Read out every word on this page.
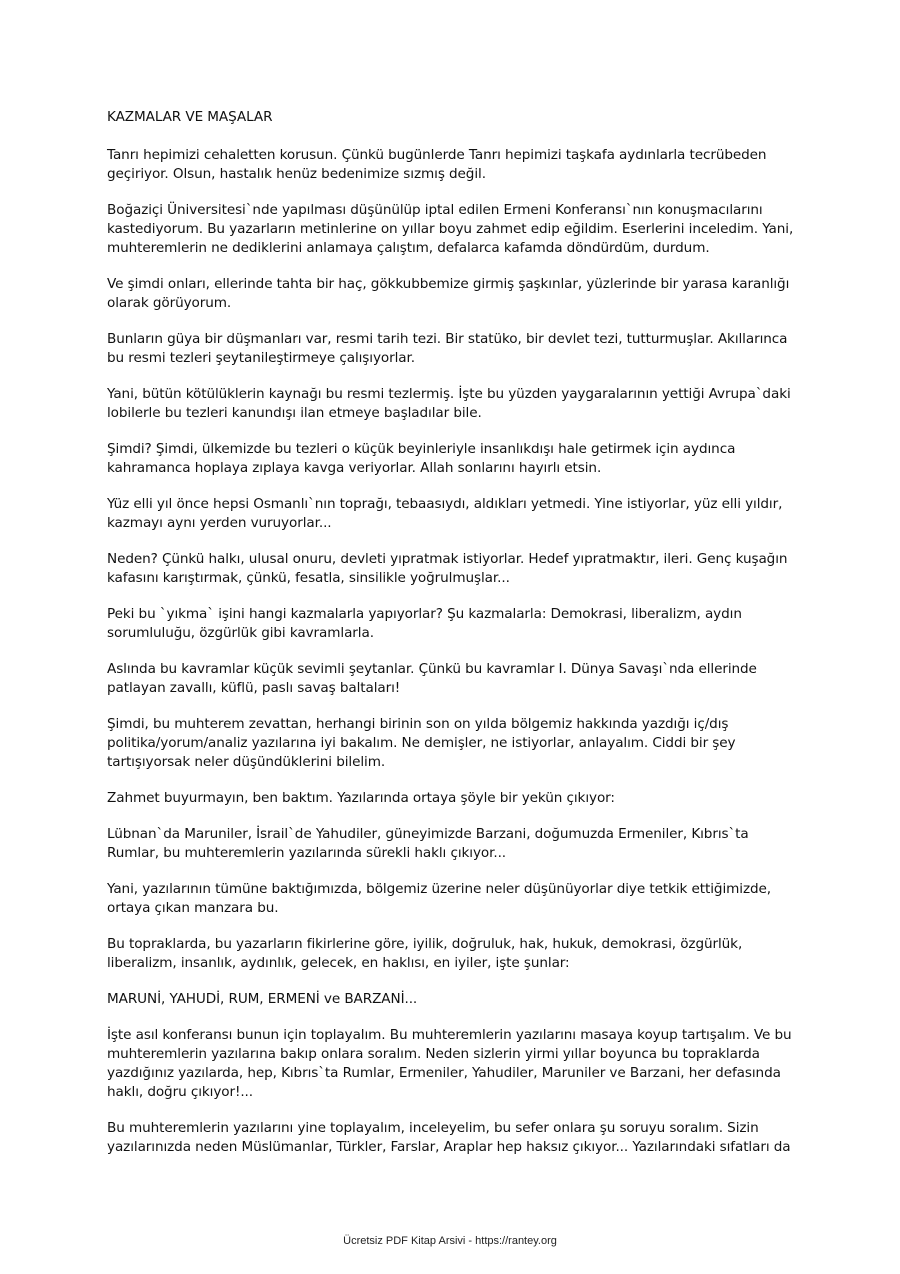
KAZMALAR VE MAŞALAR

Tanrı hepimizi cehaletten korusun. Çünkü bugünlerde Tanrı hepimizi taşkafa aydınlarla tecrübeden geçiriyor. Olsun, hastalık henüz bedenimize sızmış değil.

Boğaziçi Üniversitesi`nde yapılması düşünülüp iptal edilen Ermeni Konferansı`nın konuşmacılarını kastediyorum. Bu yazarların metinlerine on yıllar boyu zahmet edip eğildim. Eserlerini inceledim. Yani, muhteremlerin ne dediklerini anlamaya çalıştım, defalarca kafamda döndürdüm, durdum.

Ve şimdi onları, ellerinde tahta bir haç, gökkubbemize girmiş şaşkınlar, yüzlerinde bir yarasa karanlığı olarak görüyorum.

Bunların güya bir düşmanları var, resmi tarih tezi. Bir statüko, bir devlet tezi, tutturmuşlar. Akıllarınca bu resmi tezleri şeytanileştirmeye çalışıyorlar.

Yani, bütün kötülüklerin kaynağı bu resmi tezlermiş. İşte bu yüzden yaygaralarının yettiği Avrupa`daki lobilerle bu tezleri kanundışı ilan etmeye başladılar bile.

Şimdi? Şimdi, ülkemizde bu tezleri o küçük beyinleriyle insanlıkdışı hale getirmek için aydınca kahramanca hoplaya zıplaya kavga veriyorlar. Allah sonlarını hayırlı etsin.

Yüz elli yıl önce hepsi Osmanlı`nın toprağı, tebaasıydı, aldıkları yetmedi. Yine istiyorlar, yüz elli yıldır, kazmayı aynı yerden vuruyorlar...

Neden? Çünkü halkı, ulusal onuru, devleti yıpratmak istiyorlar. Hedef yıpratmaktır, ileri. Genç kuşağın kafasını karıştırmak, çünkü, fesatla, sinsilikle yoğrulmuşlar...

Peki bu `yıkma` işini hangi kazmalarla yapıyorlar? Şu kazmalarla: Demokrasi, liberalizm, aydın sorumluluğu, özgürlük gibi kavramlarla.

Aslında bu kavramlar küçük sevimli şeytanlar. Çünkü bu kavramlar I. Dünya Savaşı`nda ellerinde patlayan zavallı, küflü, paslı savaş baltaları!

Şimdi, bu muhterem zevattan, herhangi birinin son on yılda bölgemiz hakkında yazdığı iç/dış politika/yorum/analiz yazılarına iyi bakalım. Ne demişler, ne istiyorlar, anlayalım. Ciddi bir şey tartışıyorsak neler düşündüklerini bilelim.

Zahmet buyurmayın, ben baktım. Yazılarında ortaya şöyle bir yekün çıkıyor:

Lübnan`da Maruniler, İsrail`de Yahudiler, güneyimizde Barzani, doğumuzda Ermeniler, Kıbrıs`ta Rumlar, bu muhteremlerin yazılarında sürekli haklı çıkıyor...

Yani, yazılarının tümüne baktığımızda, bölgemiz üzerine neler düşünüyorlar diye tetkik ettiğimizde, ortaya çıkan manzara bu.

Bu topraklarda, bu yazarların fikirlerine göre, iyilik, doğruluk, hak, hukuk, demokrasi, özgürlük, liberalizm, insanlık, aydınlık, gelecek, en haklısı, en iyiler, işte şunlar:

MARUNİ, YAHUDİ, RUM, ERMENİ ve BARZANİ...

İşte asıl konferansı bunun için toplayalım. Bu muhteremlerin yazılarını masaya koyup tartışalım. Ve bu muhteremlerin yazılarına bakıp onlara soralım. Neden sizlerin yirmi yıllar boyunca bu topraklarda yazdığınız yazılarda, hep, Kıbrıs`ta Rumlar, Ermeniler, Yahudiler, Maruniler ve Barzani, her defasında haklı, doğru çıkıyor!...

Bu muhteremlerin yazılarını yine toplayalım, inceleyelim, bu sefer onlara şu soruyu soralım. Sizin yazılarınızda neden Müslümanlar, Türkler, Farslar, Araplar hep haksız çıkıyor... Yazılarındaki sıfatları da

Ücretsiz PDF Kitap Arsivi - https://rantey.org
